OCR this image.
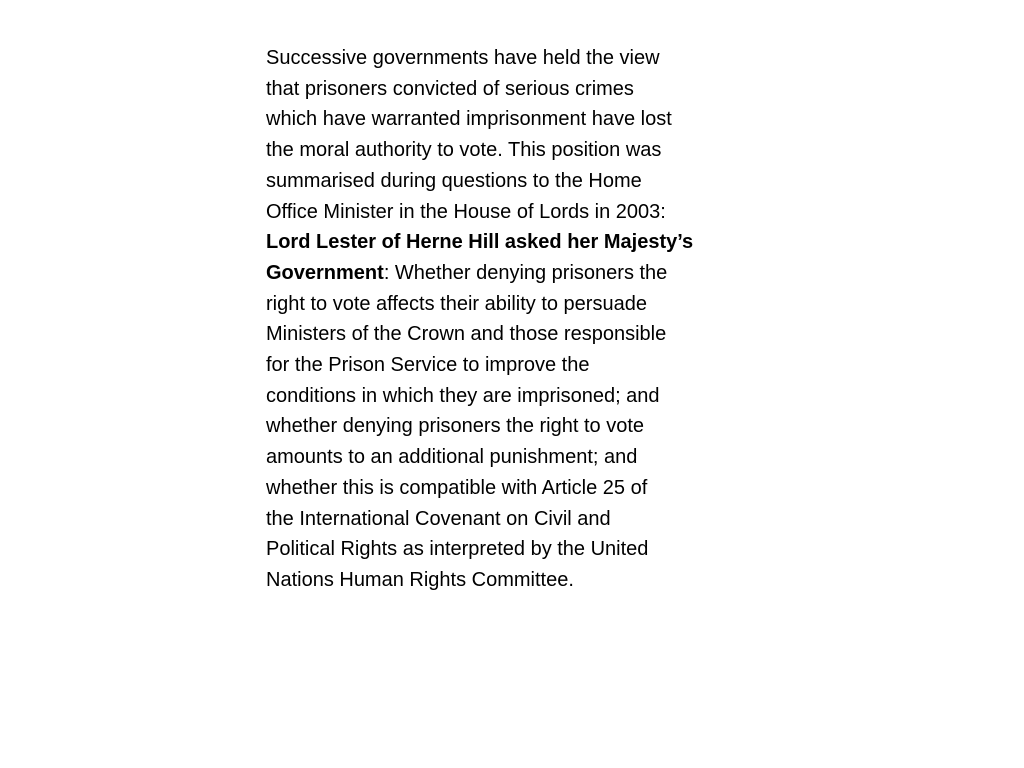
Successive governments have held the view
that prisoners convicted of serious crimes
which have warranted imprisonment have lost
the moral authority to vote. This position was
summarised during questions to the Home
Office Minister in the House of Lords in 2003:
Lord Lester of Herne Hill asked her Majesty’s
Government: Whether denying prisoners the
right to vote affects their ability to persuade
Ministers of the Crown and those responsible
for the Prison Service to improve the
conditions in which they are imprisoned; and
whether denying prisoners the right to vote
amounts to an additional punishment; and
whether this is compatible with Article 25 of
the International Covenant on Civil and
Political Rights as interpreted by the United
Nations Human Rights Committee.
